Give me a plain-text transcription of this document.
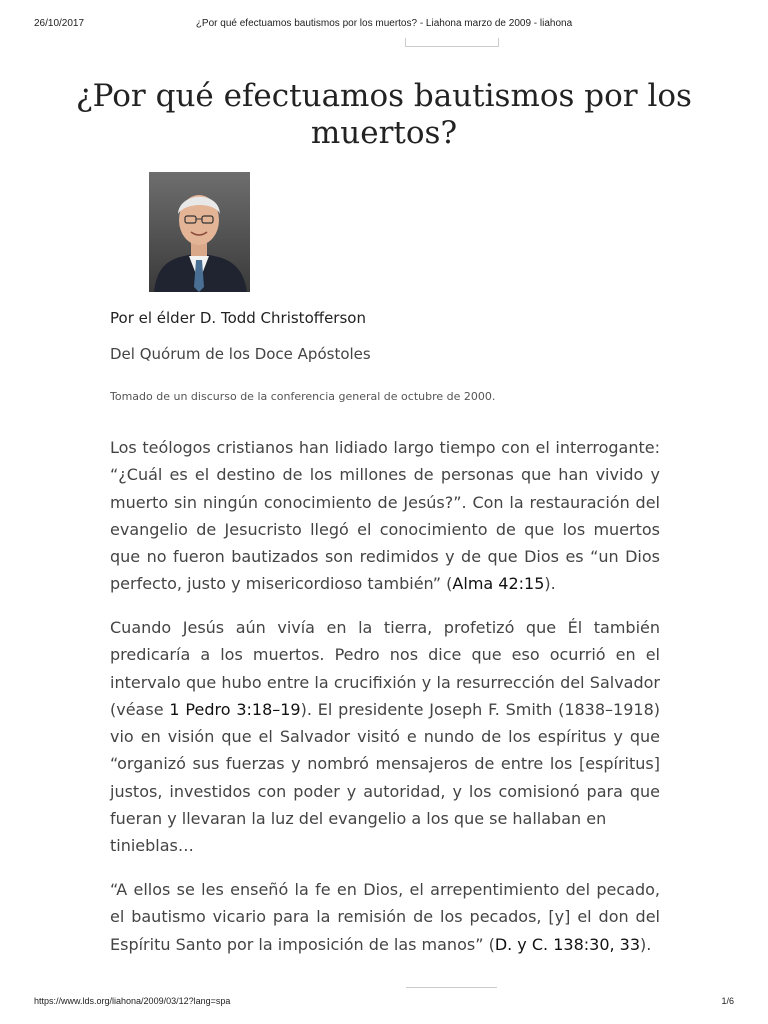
26/10/2017	¿Por qué efectuamos bautismos por los muertos? - Liahona marzo de 2009 - liahona
¿Por qué efectuamos bautismos por los muertos?
Por el élder D. Todd Christofferson
Del Quórum de los Doce Apóstoles
Tomado de un discurso de la conferencia general de octubre de 2000.

Los teólogos cristianos han lidiado largo tiempo con el interrogante: “¿Cuál es el destino de los millones de personas que han vivido y muerto sin ningún conocimiento de Jesús?”. Con la restauración del evangelio de Jesucristo llegó el conocimiento de que los muertos que no fueron bautizados son redimidos y de que Dios es “un Dios perfecto, justo y misericordioso también” (Alma 42:15).

Cuando Jesús aún vivía en la tierra, profetizó que Él también predicaría a los muertos. Pedro nos dice que eso ocurrió en el intervalo que hubo entre la crucifixión y la resurrección del Salvador (véase 1 Pedro 3:18–19). El presidente Joseph F. Smith (1838–1918) vio en visión que el Salvador visitó e nundo de los espíritus y que “organizó sus fuerzas y nombró mensajeros de entre los [espíritus] justos, investidos con poder y autoridad, y los comisionó para que fueran y llevaran la luz del evangelio a los que se hallaban en
tinieblas…

“A ellos se les enseñó la fe en Dios, el arrepentimiento del pecado, el bautismo vicario para la remisión de los pecados, [y] el don del Espíritu Santo por la imposición de las manos” (D. y C. 138:30, 33).

https://www.lds.org/liahona/2009/03/12?lang=spa	1/6
